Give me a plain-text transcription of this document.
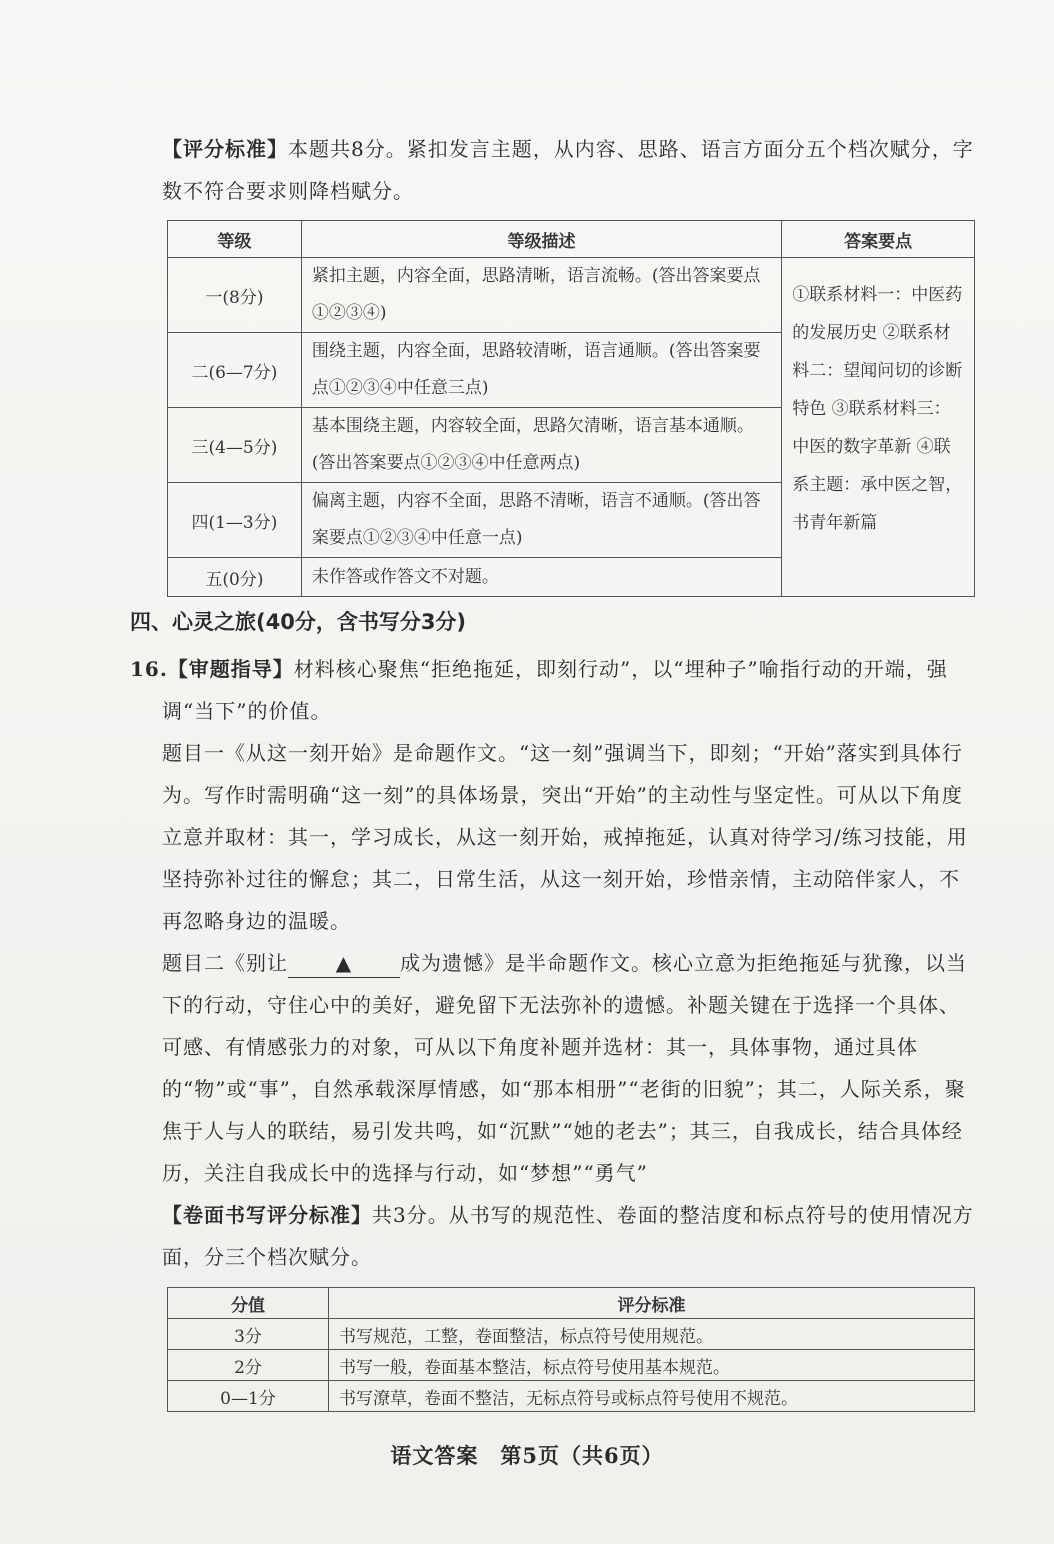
【评分标准】本题共8分。紧扣发言主题，从内容、思路、语言方面分五个档次赋分，字
数不符合要求则降档赋分。

等级	等级描述	答案要点
一(8分)	紧扣主题，内容全面，思路清晰，语言流畅。(答出答案要点①②③④)	①联系材料一：中医药的发展历史 ②联系材料二：望闻问切的诊断特色 ③联系材料三：中医的数字革新 ④联系主题：承中医之智，书青年新篇
二(6—7分)	围绕主题，内容全面，思路较清晰，语言通顺。(答出答案要点①②③④中任意三点)	
三(4—5分)	基本围绕主题，内容较全面，思路欠清晰，语言基本通顺。(答出答案要点①②③④中任意两点)	
四(1—3分)	偏离主题，内容不全面，思路不清晰，语言不通顺。(答出答案要点①②③④中任意一点)	
五(0分)	未作答或作答文不对题。	
四、心灵之旅(40分，含书写分3分)
16.【审题指导】材料核心聚焦“拒绝拖延，即刻行动”，以“埋种子”喻指行动的开端，强调“当下”的价值。
题目一《从这一刻开始》是命题作文。“这一刻”强调当下，即刻；“开始”落实到具体行为。写作时需明确“这一刻”的具体场景，突出“开始”的主动性与坚定性。可从以下角度立意并取材：其一，学习成长，从这一刻开始，戒掉拖延，认真对待学习/练习技能，用坚持弥补过往的懈怠；其二，日常生活，从这一刻开始，珍惜亲情，主动陪伴家人，不再忽略身边的温暖。
题目二《别让 ▲ 成为遗憾》是半命题作文。核心立意为拒绝拖延与犹豫，以当下的行动，守住心中的美好，避免留下无法弥补的遗憾。补题关键在于选择一个具体、可感、有情感张力的对象，可从以下角度补题并选材：其一，具体事物，通过具体的“物”或“事”，自然承载深厚情感，如“那本相册”“老街的旧貌”；其二，人际关系，聚焦于人与人的联结，易引发共鸣，如“沉默”“她的老去”；其三，自我成长，结合具体经历，关注自我成长中的选择与行动，如“梦想”“勇气”
【卷面书写评分标准】共3分。从书写的规范性、卷面的整洁度和标点符号的使用情况方面，分三个档次赋分。
分值	评分标准
3分	书写规范，工整，卷面整洁，标点符号使用规范。
2分	书写一般，卷面基本整洁，标点符号使用基本规范。
0—1分	书写潦草，卷面不整洁，无标点符号或标点符号使用不规范。
语文答案　第5页（共6页）
